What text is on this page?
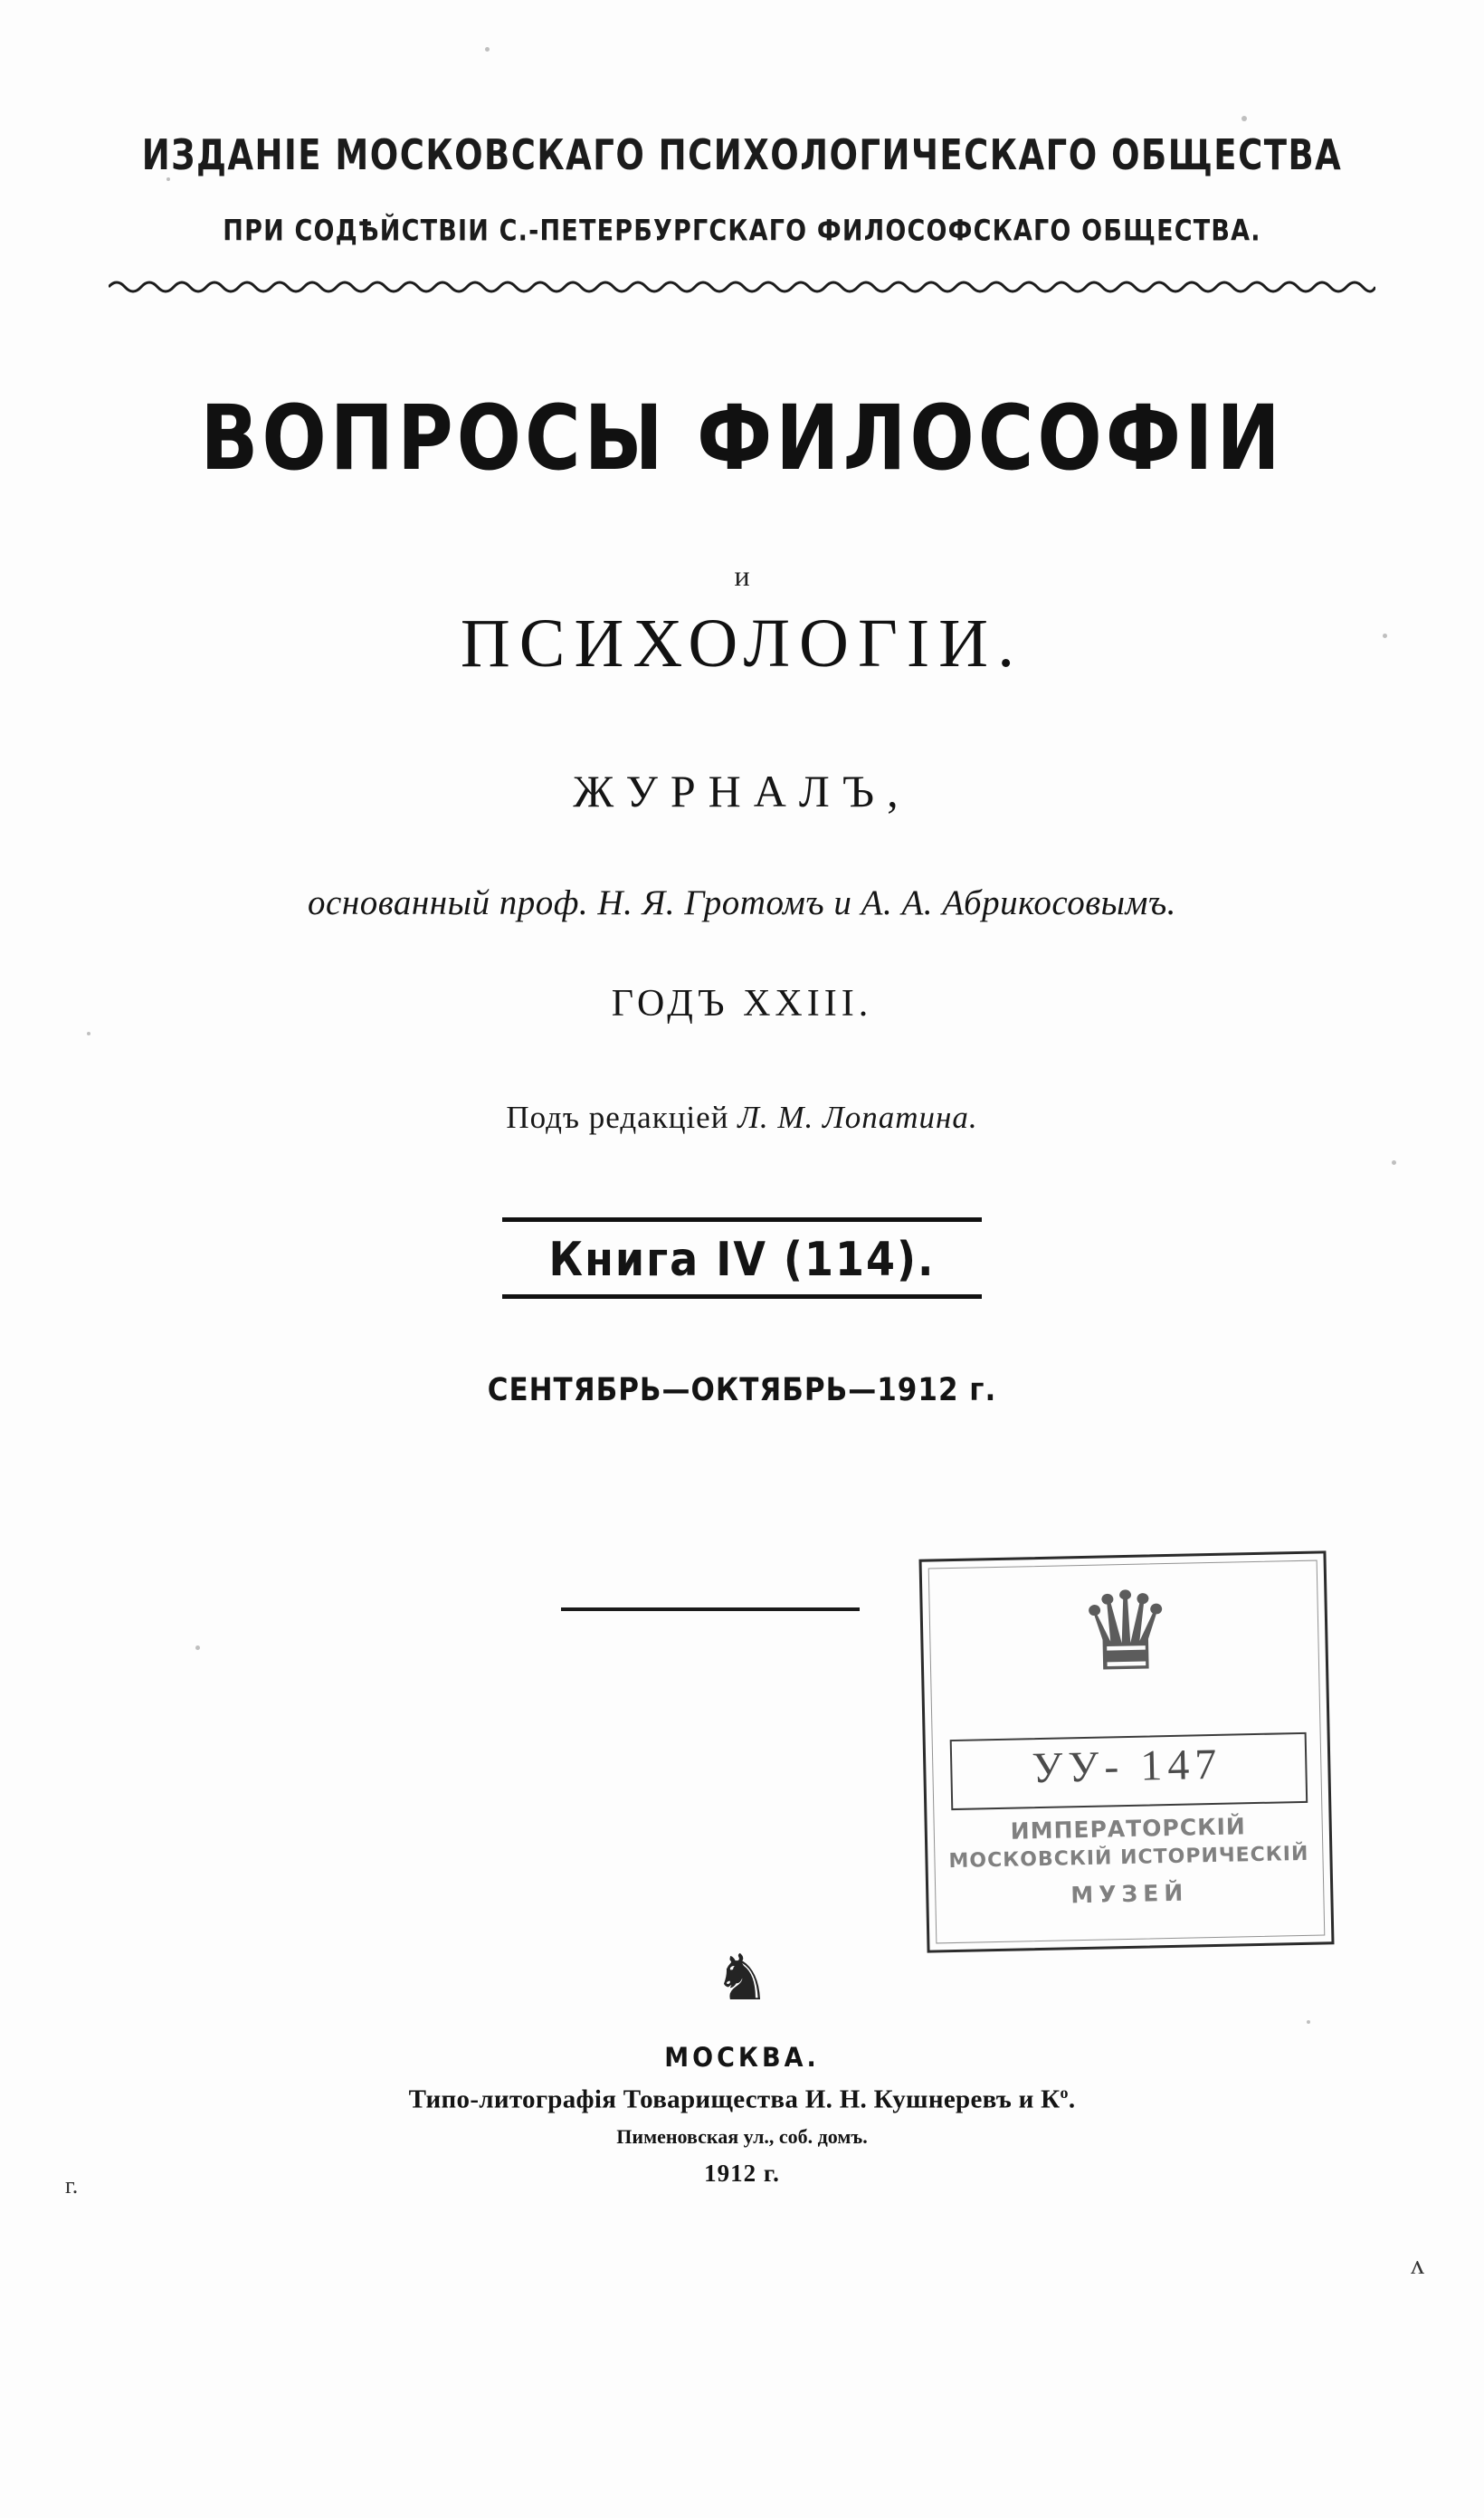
ИЗДАНIЕ МОСКОВСКАГО ПСИХОЛОГИЧЕСКАГО ОБЩЕСТВА
ПРИ СОДѢЙСТВIИ С.-ПЕТЕРБУРГСКАГО ФИЛОСОФСКАГО ОБЩЕСТВА.
ВОПРОСЫ ФИЛОСОФIИ
и
ПСИХОЛОГIИ.
ЖУРНАЛЪ,
основанный проф. Н. Я. Гротомъ и А. А. Абрикосовымъ.
ГОДЪ XXIII.
Подъ редакціей Л. М. Лопатина.
Книга IV (114).
СЕНТЯБРЬ—ОКТЯБРЬ—1912 г.
♛
УУ- 147
ИМПЕРАТОРСКІЙ
МОСКОВСКІЙ ИСТОРИЧЕСКІЙ
МУЗЕЙ
♞
МОСКВА.
Типо-литографія Товарищества И. Н. Кушнеревъ и $К^о$.
Пименовская ул., соб. домъ.
1912 г.
г.
ʌ
